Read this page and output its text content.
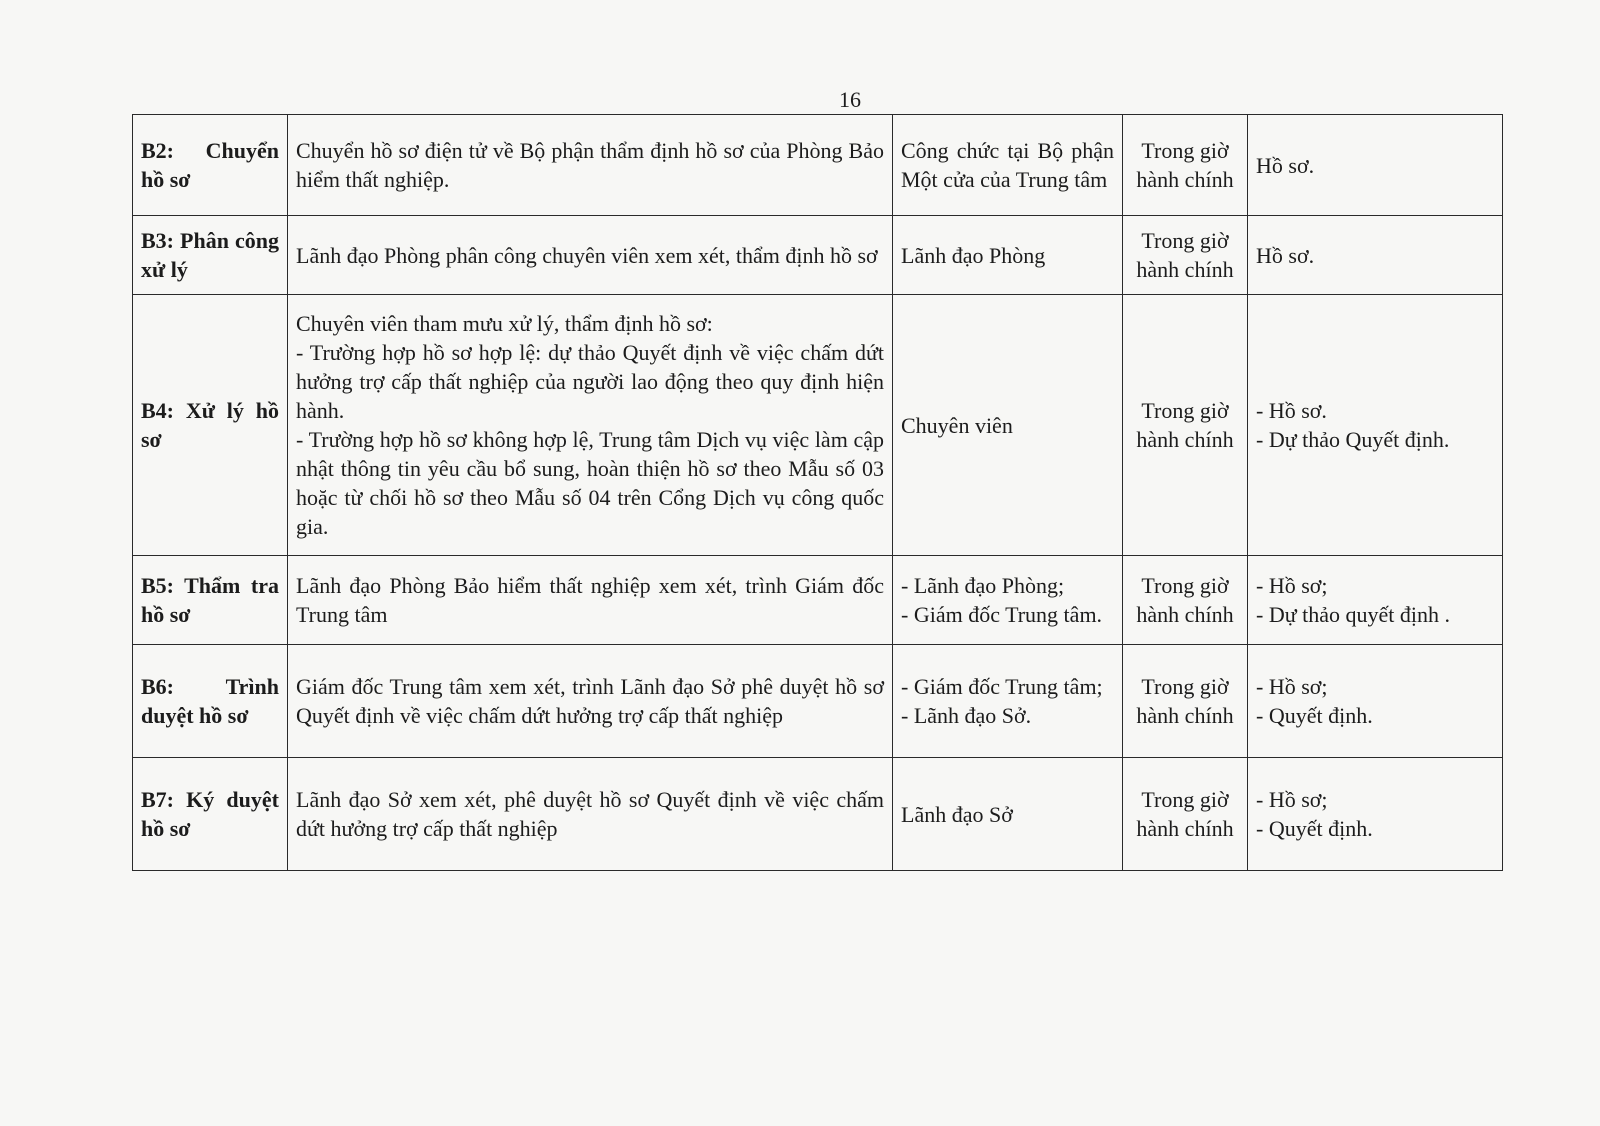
16
B2: Chuyển hồ sơ	Chuyển hồ sơ điện tử về Bộ phận thẩm định hồ sơ của Phòng Bảo hiểm thất nghiệp.	Công chức tại Bộ phận Một cửa của Trung tâm	Trong giờ hành chính	Hồ sơ.

B3: Phân công xử lý	Lãnh đạo Phòng phân công chuyên viên xem xét, thẩm định hồ sơ	Lãnh đạo Phòng	Trong giờ hành chính	Hồ sơ.

B4: Xử lý hồ sơ	Chuyên viên tham mưu xử lý, thẩm định hồ sơ:
- Trường hợp hồ sơ hợp lệ: dự thảo Quyết định về việc chấm dứt hưởng trợ cấp thất nghiệp của người lao động theo quy định hiện hành.
- Trường hợp hồ sơ không hợp lệ, Trung tâm Dịch vụ việc làm cập nhật thông tin yêu cầu bổ sung, hoàn thiện hồ sơ theo Mẫu số 03 hoặc từ chối hồ sơ theo Mẫu số 04 trên Cổng Dịch vụ công quốc gia.	Chuyên viên	Trong giờ hành chính	- Hồ sơ.
- Dự thảo Quyết định.

B5: Thẩm tra hồ sơ	Lãnh đạo Phòng Bảo hiểm thất nghiệp xem xét, trình Giám đốc Trung tâm	- Lãnh đạo Phòng;
- Giám đốc Trung tâm.	Trong giờ hành chính	- Hồ sơ;
- Dự thảo quyết định .

B6: Trình duyệt hồ sơ	Giám đốc Trung tâm xem xét, trình Lãnh đạo Sở phê duyệt hồ sơ Quyết định về việc chấm dứt hưởng trợ cấp thất nghiệp	- Giám đốc Trung tâm;
- Lãnh đạo Sở.	Trong giờ hành chính	- Hồ sơ;
- Quyết định.

B7: Ký duyệt hồ sơ	Lãnh đạo Sở xem xét, phê duyệt hồ sơ Quyết định về việc chấm dứt hưởng trợ cấp thất nghiệp	Lãnh đạo Sở	Trong giờ hành chính	- Hồ sơ;
- Quyết định.
